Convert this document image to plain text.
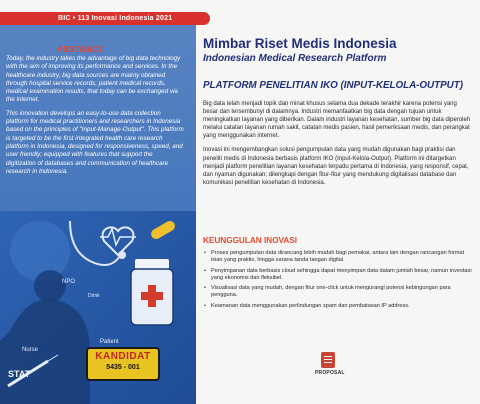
BIC • 113 Inovasi Indonesia 2021
ABSTRACT

Today, the industry takes the advantage of big data technology with the aim of improving its performance and services. In the healthcare industry, big data sources are mainly obtained through hospital service records, patient medical records, medical examination results, that today can be exchanged via the internet.

This innovation develops an easy-to-use data collection platform for medical practitioners and researchers in Indonesia based on the principles of "Input-Manage-Output". This platform is targeted to be the first integrated health care research platform in Indonesia, designed for responsiveness, speed, and user friendly; equipped with features that support the digitization of databases and communication of healthcare research in Indonesia.

NPO
Drink
Nurse
Patient
STAT
KANDIDAT
5435 - 001
Mimbar Riset Medis Indonesia
Indonesian Medical Research Platform
PLATFORM PENELITIAN IKO (INPUT-KELOLA-OUTPUT)

Big data telah menjadi topik dan minat khusus selama dua dekade terakhir karena potensi yang besar dan tersembunyi di dalamnya. Industri memanfaatkan big data dengan tujuan untuk meningkatkan layanan yang diberikan. Dalam industri layanan kesehatan, sumber big data diperoleh melalui catatan layanan rumah sakit, catatan medis pasien, hasil pemeriksaan medis, dan perangkat yang menggunakan internet.

Inovasi ini mengembangkan solusi pengumpulan data yang mudah digunakan bagi praktisi dan peneliti medis di Indonesia berbasis platform IKO (Input-Kelola-Output). Platform ini ditargetkan menjadi platform penelitian layanan kesehatan terpadu pertama di Indonesia, yang responsif, cepat, dan nyaman digunakan; dilengkapi dengan fitur-fitur yang mendukung digitalisasi database dan komunikasi penelitian kesehatan di Indonesia.

KEUNGGULAN INOVASI
• Proses pengumpulan data dirancang lebih mudah bagi pemakai, antara lain dengan rancangan format isian yang praktis, hingga sarana tanda tangan digital.
• Penyimpanan data berbasis cloud sehingga dapat menyimpan data dalam jumlah besar, namun investasi yang ekonomis dan fleksibel.
• Visualisasi data yang mudah, dengan fitur one-click untuk mengurangi potensi kebingungan para pengguna.
• Keamanan data menggunakan perlindungan spam dan pembatasan IP address.
PROPOSAL
